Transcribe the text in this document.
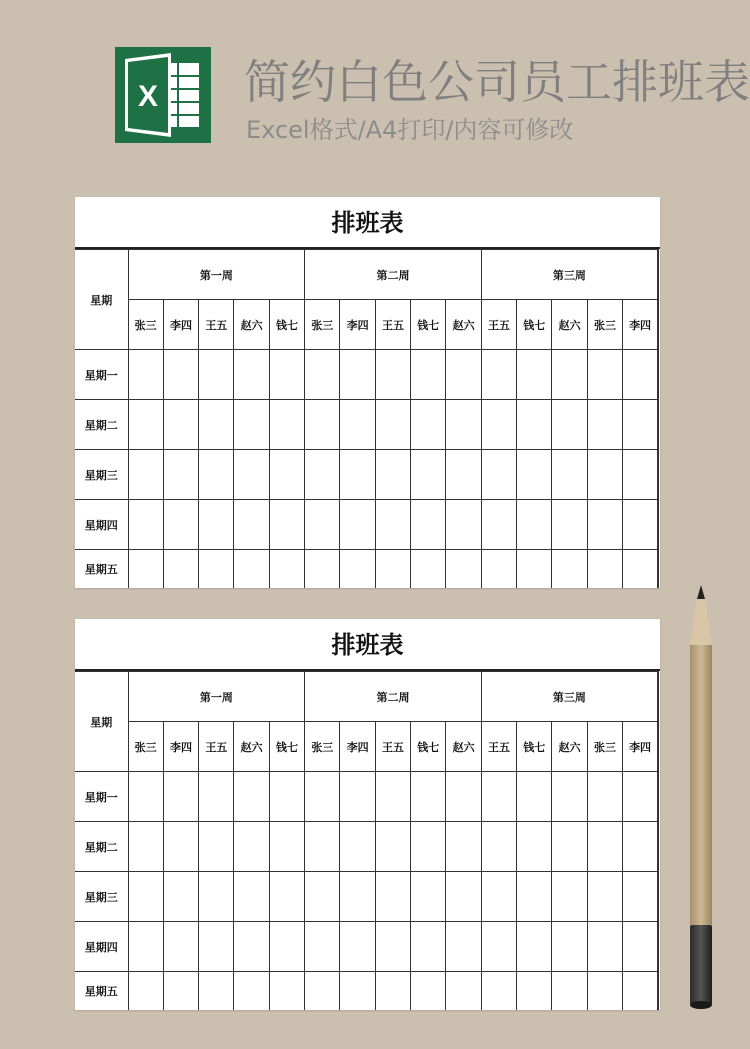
X 简约白色公司员工排班表
Excel格式/A4打印/内容可修改
排班表
星期	第一周					第二周					第三周				
	张三	李四	王五	赵六	钱七	张三	李四	王五	钱七	赵六	王五	钱七	赵六	张三	李四
星期一															
星期二															
星期三															
星期四															
星期五															
排班表
星期	第一周					第二周					第三周				
	张三	李四	王五	赵六	钱七	张三	李四	王五	钱七	赵六	王五	钱七	赵六	张三	李四
星期一															
星期二															
星期三															
星期四															
星期五															
